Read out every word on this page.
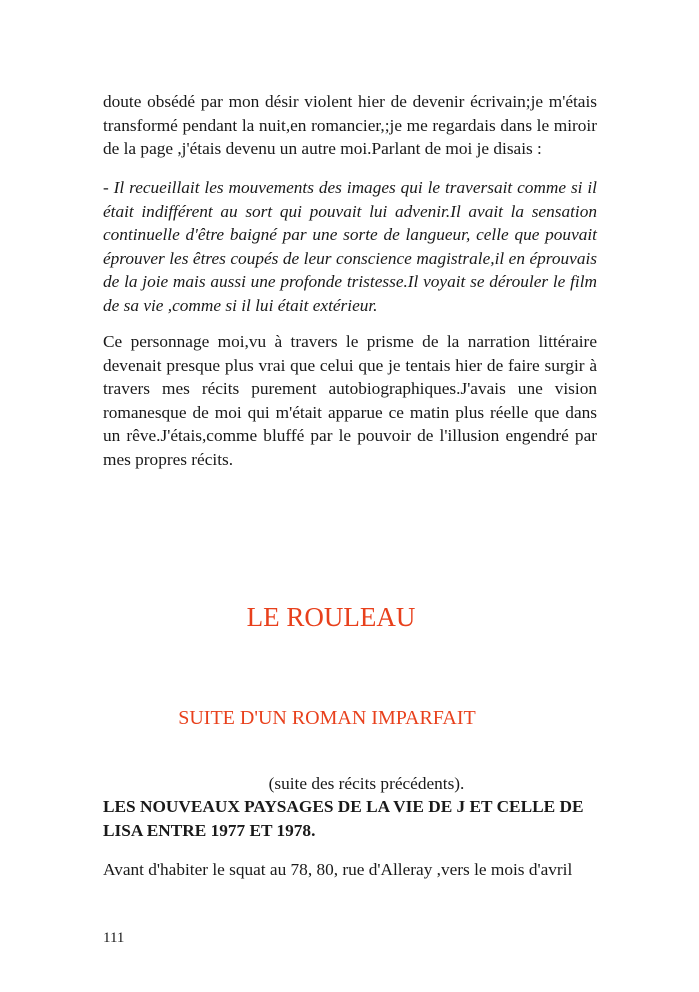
doute obsédé par mon désir violent hier de devenir écrivain;je m'étais transformé pendant la nuit,en romancier,;je me regardais dans le miroir de la page ,j'étais devenu un autre moi.Parlant de moi je disais :

- Il recueillait les mouvements des images qui le traversait comme si il était indifférent au sort qui pouvait lui advenir.Il avait la sensation continuelle d'être baigné par une sorte de langueur, celle que pouvait éprouver les êtres coupés de leur conscience magistrale,il en éprouvais de la joie mais aussi une profonde tristesse.Il voyait se dérouler le film de sa vie ,comme si il lui était extérieur.

Ce personnage moi,vu à travers le prisme de la narration littéraire devenait presque plus vrai que celui que je tentais hier de faire surgir à travers mes récits purement autobiographiques.J'avais une vision romanesque de moi qui m'était apparue ce matin plus réelle que dans un rêve.J'étais,comme bluffé par le pouvoir de l'illusion engendré par mes propres récits.

LE ROULEAU
SUITE D'UN ROMAN IMPARFAIT

(suite des récits précédents).

LES NOUVEAUX PAYSAGES DE LA VIE DE J ET CELLE DE LISA ENTRE 1977 ET 1978.

Avant d'habiter le squat au 78, 80, rue d'Alleray ,vers le mois d'avril

111
